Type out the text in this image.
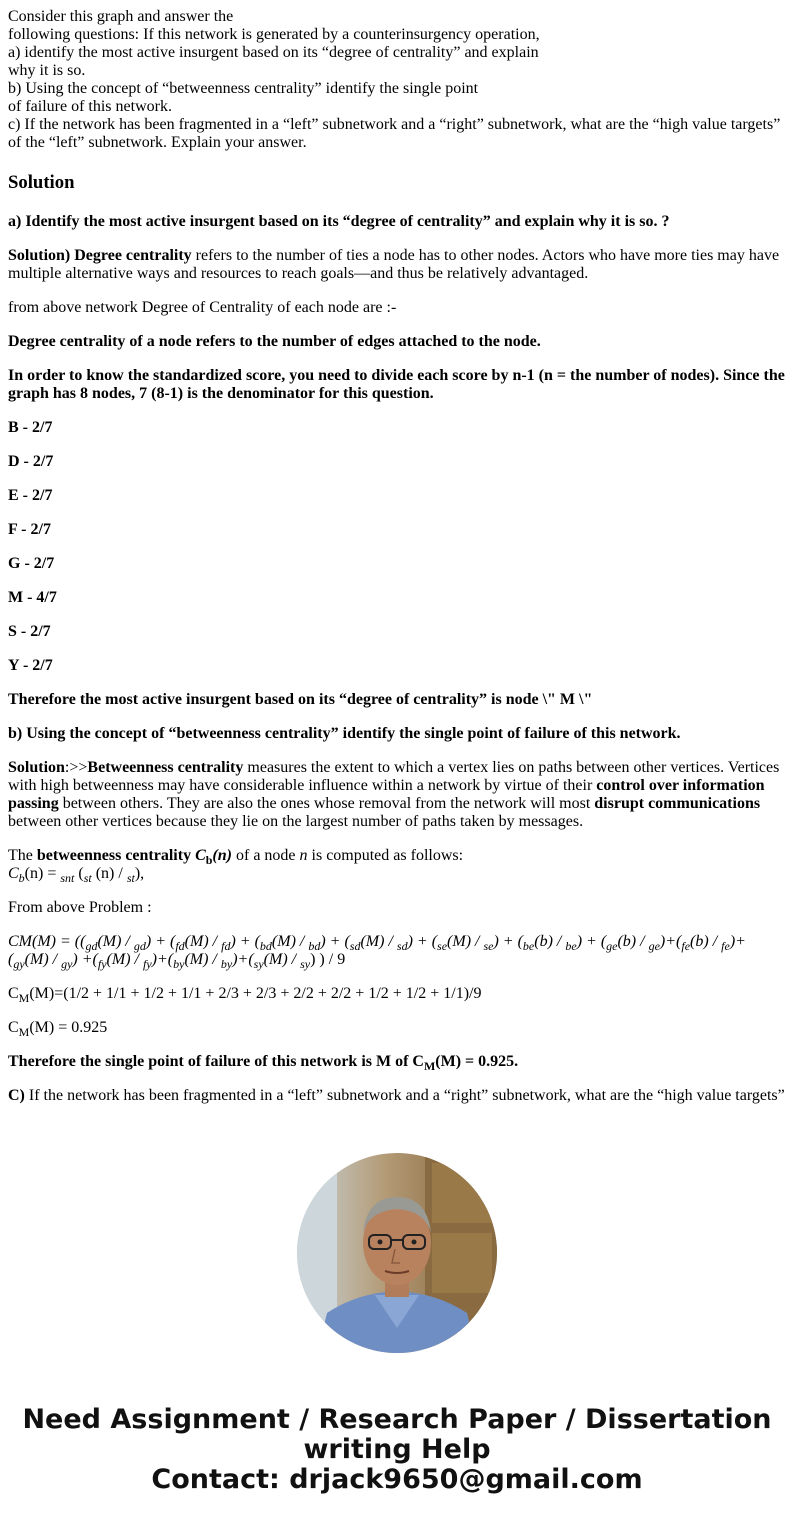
Consider this graph and answer the
following questions: If this network is generated by a counterinsurgency operation,
a) identify the most active insurgent based on its “degree of centrality” and explain
why it is so.
b) Using the concept of “betweenness centrality” identify the single point
of failure of this network.
c) If the network has been fragmented in a “left” subnetwork and a “right” subnetwork, what are the “high value targets”
of the “left” subnetwork. Explain your answer.
Solution

a) Identify the most active insurgent based on its “degree of centrality” and explain why it is so. ?

Solution) Degree centrality refers to the number of ties a node has to other nodes. Actors who have more ties may have multiple alternative ways and resources to reach goals—and thus be relatively advantaged.

from above network Degree of Centrality of each node are :-

Degree centrality of a node refers to the number of edges attached to the node.

In order to know the standardized score, you need to divide each score by n-1 (n = the number of nodes). Since the graph has 8 nodes, 7 (8-1) is the denominator for this question.

B - 2/7

D - 2/7

E - 2/7

F - 2/7

G - 2/7

M - 4/7

S - 2/7

Y - 2/7

Therefore the most active insurgent based on its “degree of centrality” is node \" M \"

b) Using the concept of “betweenness centrality” identify the single point of failure of this network.

Solution:>>Betweenness centrality measures the extent to which a vertex lies on paths between other vertices. Vertices with high betweenness may have considerable influence within a network by virtue of their control over information passing between others. They are also the ones whose removal from the network will most disrupt communications between other vertices because they lie on the largest number of paths taken by messages.

The betweenness centrality $C_b(n)$ of a node n is computed as follows:
$C_b(n) = _{snt}$ ($_{st}$ (n) / $_{st}$),

From above Problem :

$CM(M) = ((_{gd}(M) / _{gd}) + (_{fd}(M) / _{fd}) + (_{bd}(M) / _{bd}) + (_{sd}(M) / _{sd}) + (_{se}(M) / _{se}) + (_{be}(b) / _{be}) + (_{ge}(b) / _{ge})+(_{fe}(b) / _{fe})+ (_{gy}(M) / _{gy}) +(_{fy}(M) / _{fy})+(_{by}(M) / _{by})+(_{sy}(M) / _{sy})$ ) / 9

$C_M(M)=(1/2 + 1/1 + 1/2 + 1/1 + 2/3 + 2/3 + 2/2 + 2/2 + 1/2 + 1/2 + 1/1)/9$

$C_M(M) = 0.925$

Therefore the single point of failure of this network is M of $C_M(M) = 0.925$.

C) If the network has been fragmented in a “left” subnetwork and a “right” subnetwork, what are the “high value targets”

Need Assignment / Research Paper / Dissertation
writing Help
Contact: drjack9650@gmail.com
